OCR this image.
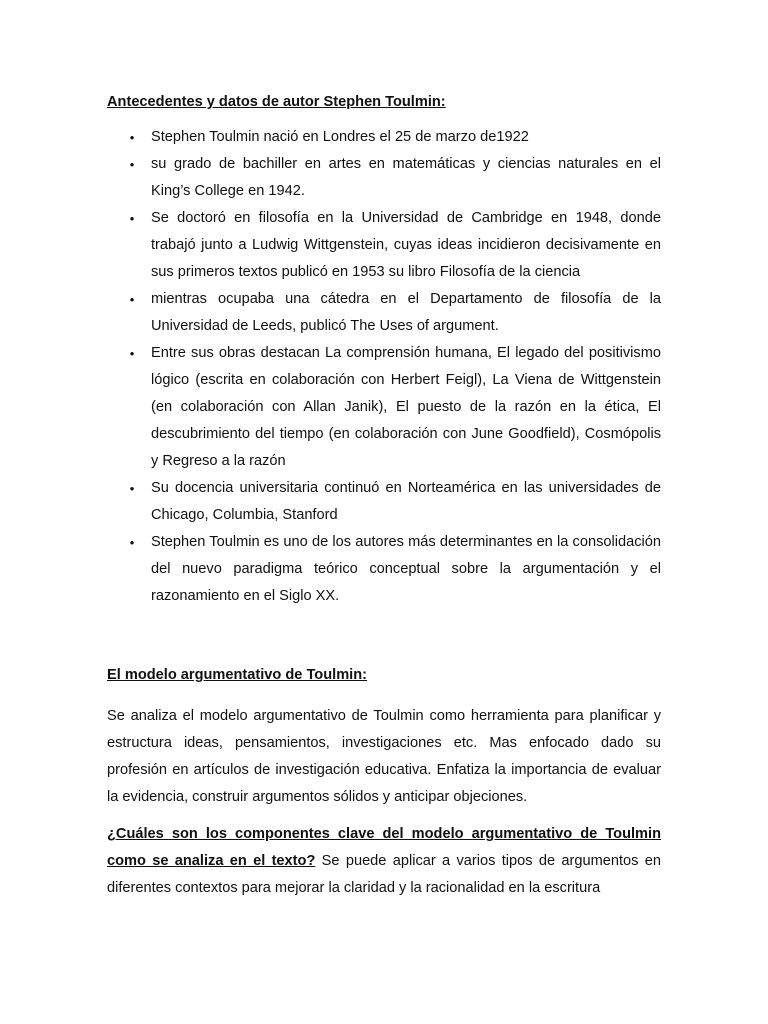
Antecedentes y datos de autor Stephen Toulmin:

• Stephen Toulmin nació en Londres el 25 de marzo de1922
• su grado de bachiller en artes en matemáticas y ciencias naturales en el King’s College en 1942.
• Se doctoró en filosofía en la Universidad de Cambridge en 1948, donde trabajó junto a Ludwig Wittgenstein, cuyas ideas incidieron decisivamente en sus primeros textos publicó en 1953 su libro Filosofía de la ciencia
• mientras ocupaba una cátedra en el Departamento de filosofía de la Universidad de Leeds, publicó The Uses of argument.
• Entre sus obras destacan La comprensión humana, El legado del positivismo lógico (escrita en colaboración con Herbert Feigl), La Viena de Wittgenstein (en colaboración con Allan Janik), El puesto de la razón en la ética, El descubrimiento del tiempo (en colaboración con June Goodfield), Cosmópolis y Regreso a la razón
• Su docencia universitaria continuó en Norteamérica en las universidades de Chicago, Columbia, Stanford
• Stephen Toulmin es uno de los autores más determinantes en la consolidación del nuevo paradigma teórico conceptual sobre la argumentación y el razonamiento en el Siglo XX.

El modelo argumentativo de Toulmin:

Se analiza el modelo argumentativo de Toulmin como herramienta para planificar y estructura ideas, pensamientos, investigaciones etc. Mas enfocado dado su profesión en artículos de investigación educativa. Enfatiza la importancia de evaluar la evidencia, construir argumentos sólidos y anticipar objeciones.

¿Cuáles son los componentes clave del modelo argumentativo de Toulmin como se analiza en el texto? Se puede aplicar a varios tipos de argumentos en diferentes contextos para mejorar la claridad y la racionalidad en la escritura
